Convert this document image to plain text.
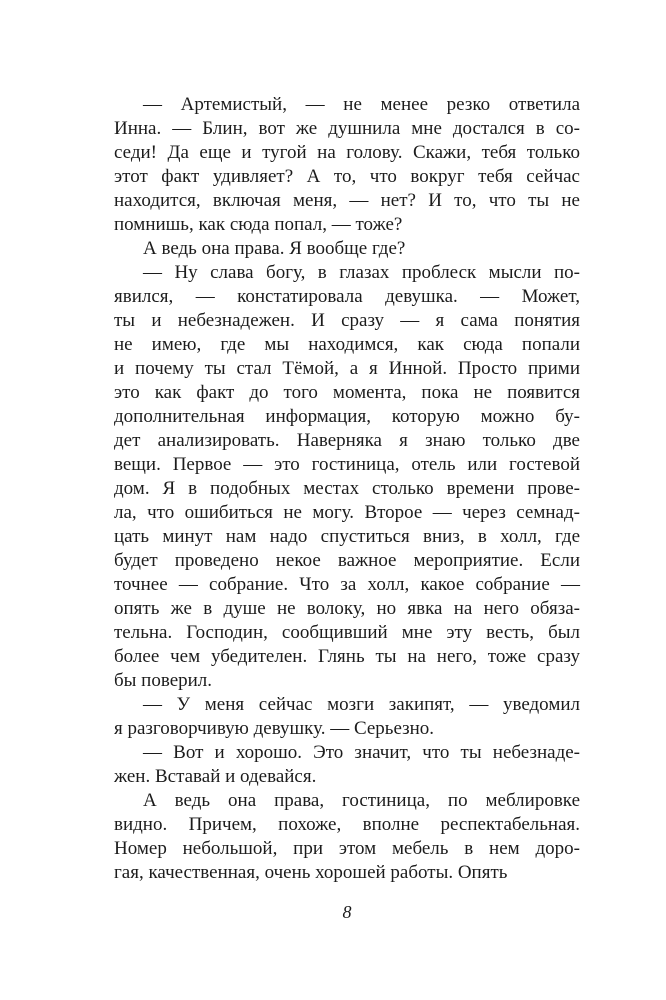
— Артемистый, — не менее резко ответила
Инна. — Блин, вот же душнила мне достался в со-
седи! Да еще и тугой на голову. Скажи, тебя только
этот факт удивляет? А то, что вокруг тебя сейчас
находится, включая меня, — нет? И то, что ты не
помнишь, как сюда попал, — тоже?
А ведь она права. Я вообще где?
— Ну слава богу, в глазах проблеск мысли по-
явился, — констатировала девушка. — Может,
ты и небезнадежен. И сразу — я сама понятия
не имею, где мы находимся, как сюда попали
и почему ты стал Тёмой, а я Инной. Просто прими
это как факт до того момента, пока не появится
дополнительная информация, которую можно бу-
дет анализировать. Наверняка я знаю только две
вещи. Первое — это гостиница, отель или гостевой
дом. Я в подобных местах столько времени прове-
ла, что ошибиться не могу. Второе — через семнад-
цать минут нам надо спуститься вниз, в холл, где
будет проведено некое важное мероприятие. Если
точнее — собрание. Что за холл, какое собрание —
опять же в душе не волоку, но явка на него обяза-
тельна. Господин, сообщивший мне эту весть, был
более чем убедителен. Глянь ты на него, тоже сразу
бы поверил.
— У меня сейчас мозги закипят, — уведомил
я разговорчивую девушку. — Серьезно.
— Вот и хорошо. Это значит, что ты небезнаде-
жен. Вставай и одевайся.
А ведь она права, гостиница, по меблировке
видно. Причем, похоже, вполне респектабельная.
Номер небольшой, при этом мебель в нем доро-
гая, качественная, очень хорошей работы. Опять
8
